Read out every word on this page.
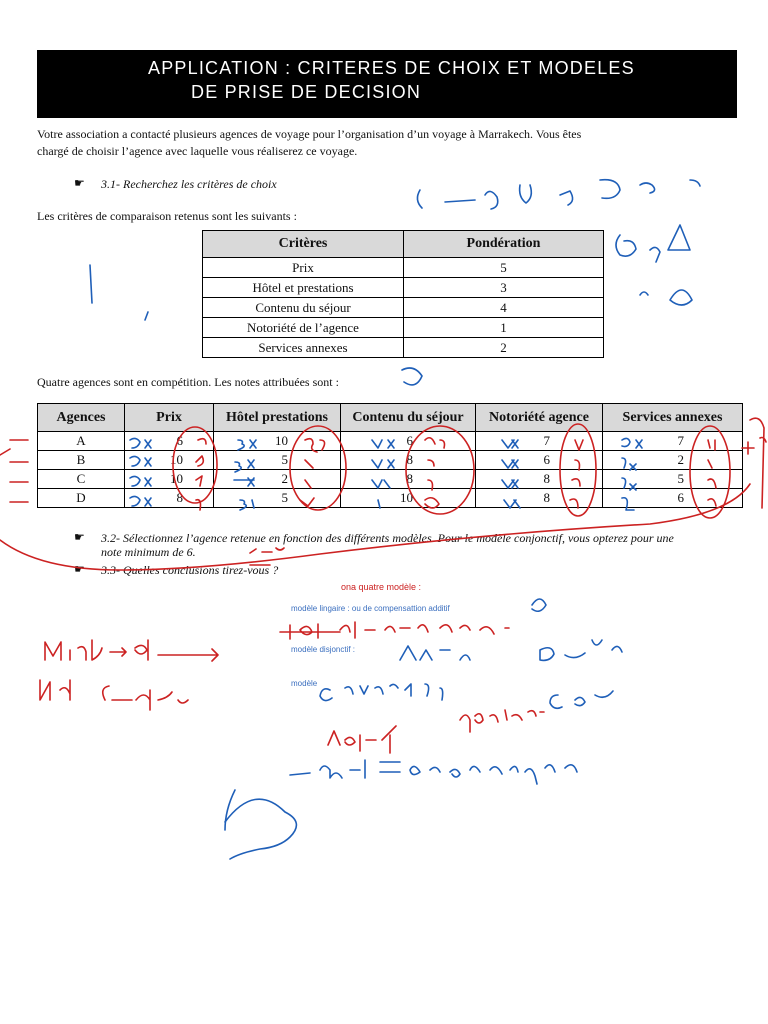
APPLICATION : CRITERES DE CHOIX ET MODELES
DE PRISE DE DECISION
Votre association a contacté plusieurs agences de voyage pour l’organisation d’un voyage à Marrakech. Vous êtes
chargé de choisir l’agence avec laquelle vous réaliserez ce voyage.
☛ 3.1- Recherchez les critères de choix
Les critères de comparaison retenus sont les suivants :
Critères	Pondération
Prix	5
Hôtel et prestations	3
Contenu du séjour	4
Notoriété de l’agence	1
Services annexes	2
Quatre agences sont en compétition. Les notes attribuées sont :
Agences	Prix	Hôtel prestations	Contenu du séjour	Notoriété agence	Services annexes
A	6	10	6	7	7
B	10	5	8	6	2
C	10	2	8	8	5
D	8	5	10	8	6
☛ 3.2- Sélectionnez l’agence retenue en fonction des différents modèles. Pour le modèle conjonctif, vous opterez pour une
note minimum de 6.
☛ 3.3- Quelles conclusions tirez-vous ?
ona quatre modèle :
modèle lingaire : ou de compensattion additif
modèle disjonctif :
modèle
